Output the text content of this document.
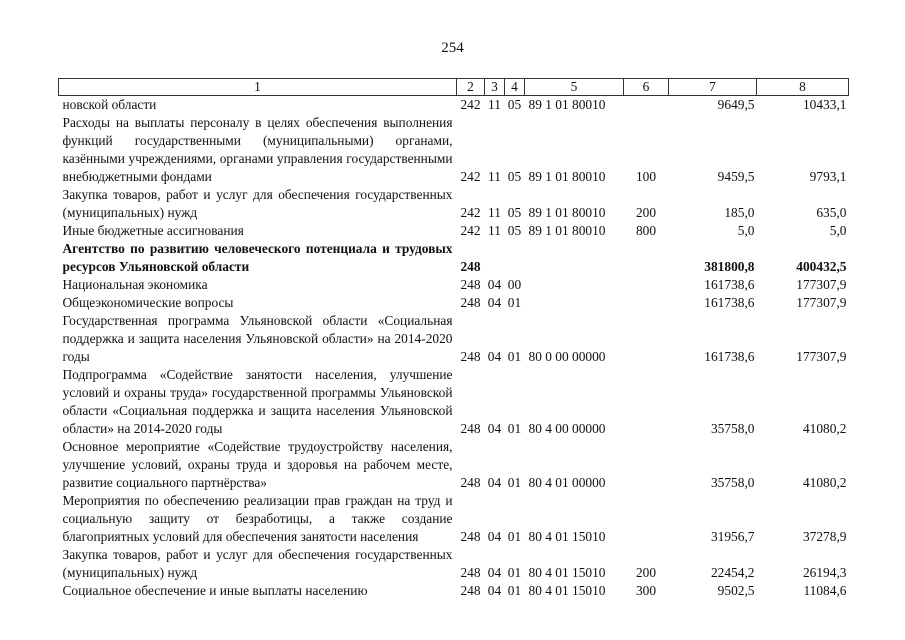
254
1	2	3	4	5	6	7	8
новской области	242	11	05	89 1 01 80010		9649,5	10433,1
Расходы на выплаты персоналу в целях обеспечения выполнения функций государственными (муниципальными) органами, казёнными учреждениями, органами управления государственными внебюджетными фондами	242	11	05	89 1 01 80010	100	9459,5	9793,1
Закупка товаров, работ и услуг для обеспечения государственных (муниципальных) нужд	242	11	05	89 1 01 80010	200	185,0	635,0
Иные бюджетные ассигнования	242	11	05	89 1 01 80010	800	5,0	5,0
Агентство по развитию человеческого потенциала и трудовых ресурсов Ульяновской области	248					381800,8	400432,5
Национальная экономика	248	04	00			161738,6	177307,9
Общеэкономические вопросы	248	04	01			161738,6	177307,9
Государственная программа Ульяновской области «Социальная поддержка и защита населения Ульяновской области» на 2014-2020 годы	248	04	01	80 0 00 00000		161738,6	177307,9
Подпрограмма «Содействие занятости населения, улучшение условий и охраны труда» государственной программы Ульяновской области «Социальная поддержка и защита населения Ульяновской области» на 2014-2020 годы	248	04	01	80 4 00 00000		35758,0	41080,2
Основное мероприятие «Содействие трудоустройству населения, улучшение условий, охраны труда и здоровья на рабочем месте, развитие социального партнёрства»	248	04	01	80 4 01 00000		35758,0	41080,2
Мероприятия по обеспечению реализации прав граждан на труд и социальную защиту от безработицы, а также создание благоприятных условий для обеспечения занятости населения	248	04	01	80 4 01 15010		31956,7	37278,9
Закупка товаров, работ и услуг для обеспечения государственных (муниципальных) нужд	248	04	01	80 4 01 15010	200	22454,2	26194,3
Социальное обеспечение и иные выплаты населению	248	04	01	80 4 01 15010	300	9502,5	11084,6
